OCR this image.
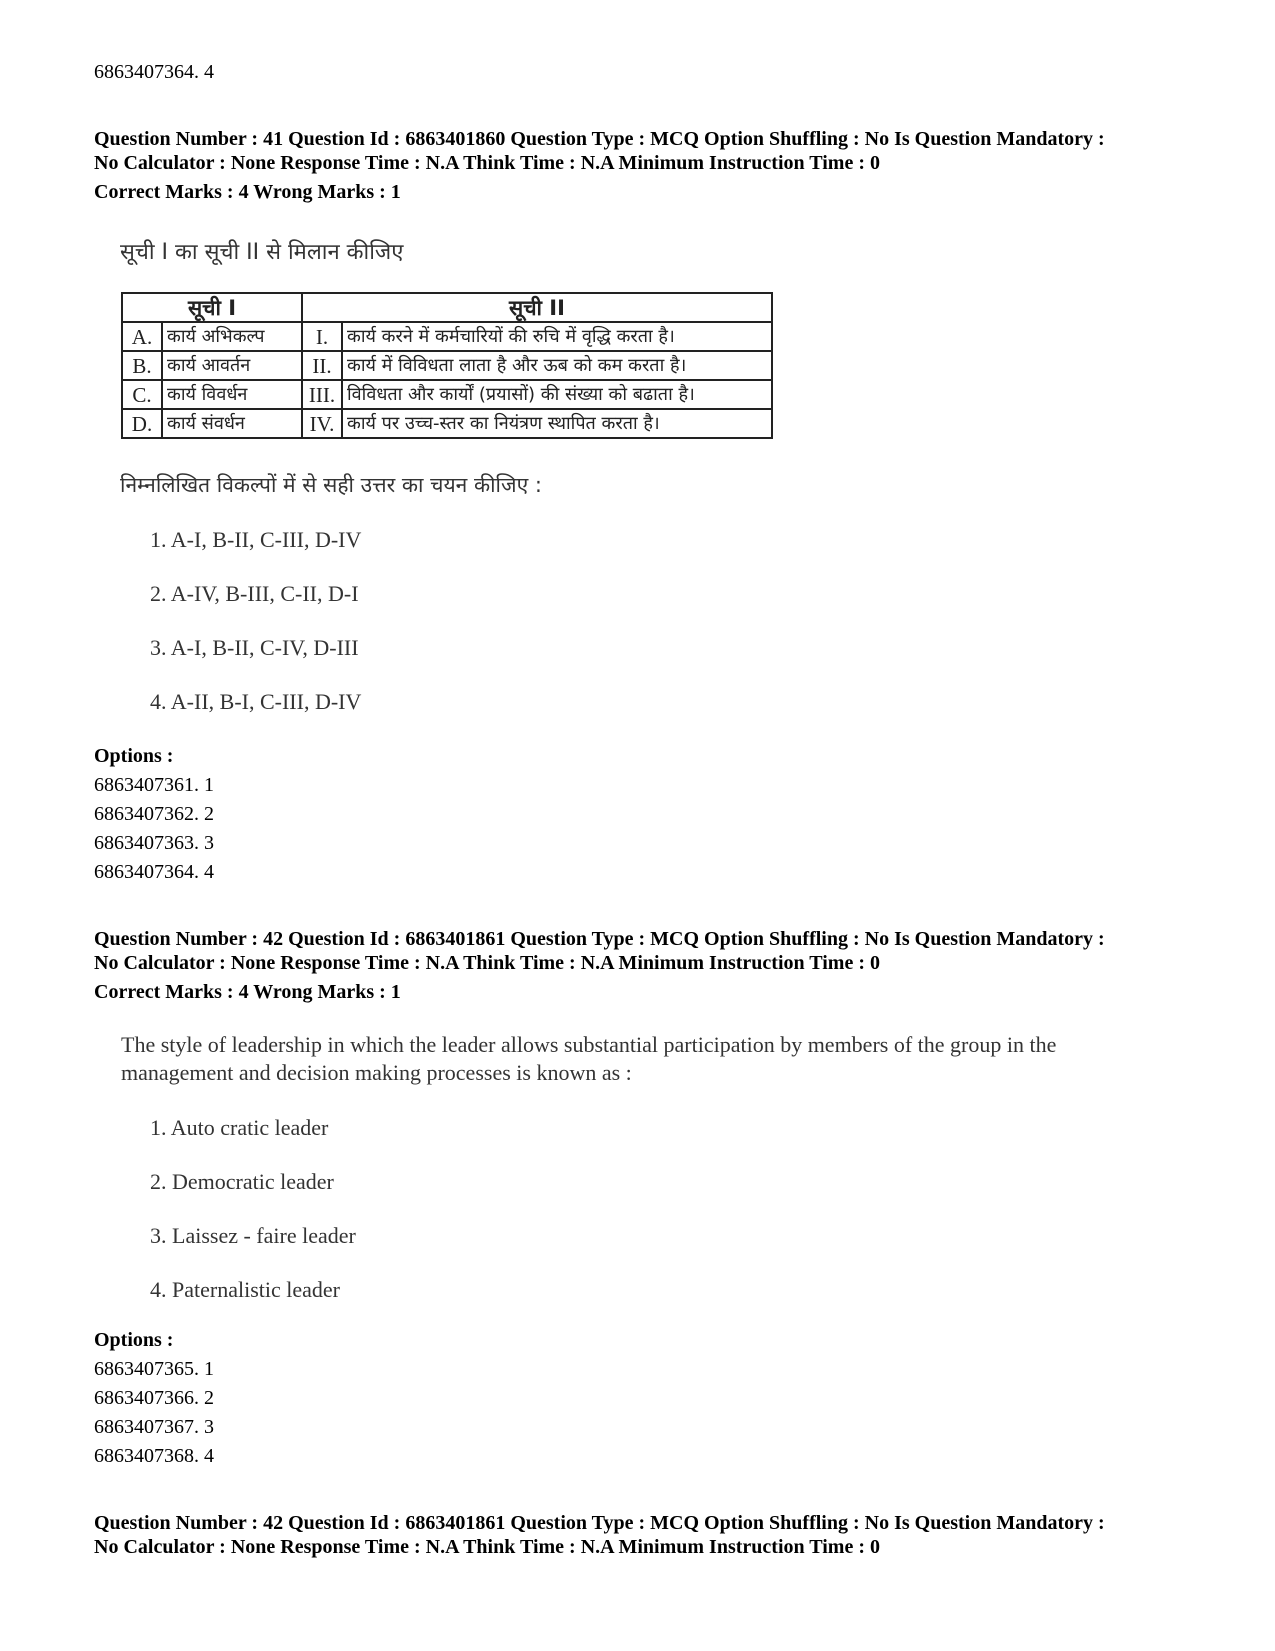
6863407364. 4
Question Number : 41 Question Id : 6863401860 Question Type : MCQ Option Shuffling : No Is Question Mandatory :
No Calculator : None Response Time : N.A Think Time : N.A Minimum Instruction Time : 0
Correct Marks : 4 Wrong Marks : 1
सूची I का सूची II से मिलान कीजिए
सूची I		सूची II	
A.	कार्य अभिकल्प	I.	कार्य करने में कर्मचारियों की रुचि में वृद्धि करता है।
B.	कार्य आवर्तन	II.	कार्य में विविधता लाता है और ऊब को कम करता है।
C.	कार्य विवर्धन	III.	विविधता और कार्यों (प्रयासों) की संख्या को बढाता है।
D.	कार्य संवर्धन	IV.	कार्य पर उच्च-स्तर का नियंत्रण स्थापित करता है।
निम्नलिखित विकल्पों में से सही उत्तर का चयन कीजिए :
1. A-I, B-II, C-III, D-IV
2. A-IV, B-III, C-II, D-I
3. A-I, B-II, C-IV, D-III
4. A-II, B-I, C-III, D-IV
Options :
6863407361. 1
6863407362. 2
6863407363. 3
6863407364. 4
Question Number : 42 Question Id : 6863401861 Question Type : MCQ Option Shuffling : No Is Question Mandatory :
No Calculator : None Response Time : N.A Think Time : N.A Minimum Instruction Time : 0
Correct Marks : 4 Wrong Marks : 1
The style of leadership in which the leader allows substantial participation by members of the group in the management and decision making processes is known as :
1. Auto cratic leader
2. Democratic leader
3. Laissez - faire leader
4. Paternalistic leader
Options :
6863407365. 1
6863407366. 2
6863407367. 3
6863407368. 4
Question Number : 42 Question Id : 6863401861 Question Type : MCQ Option Shuffling : No Is Question Mandatory :
No Calculator : None Response Time : N.A Think Time : N.A Minimum Instruction Time : 0
